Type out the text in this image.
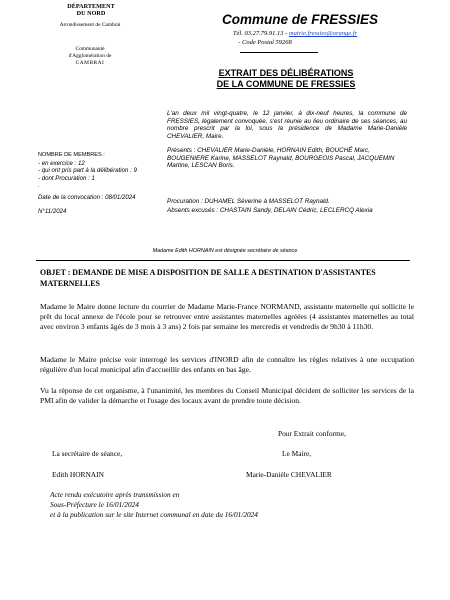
DÉPARTEMENT
DU NORD
Arrondissement de Cambrai
Communauté
d'Agglomération de
CAMBRAI
Commune de FRESSIES
Tél. 03.27.79.91.13 - mairie.fressies@orange.fr
- Code Postal 59268
EXTRAIT DES DÉLIBÉRATIONS
DE LA COMMUNE DE FRESSIES
L'an deux mil vingt-quatre, le 12 janvier, à dix-neuf heures, la commune de FRESSIES, légalement convoquée, s'est réunie au lieu ordinaire de ses séances, au nombre prescrit par la loi, sous la présidence de Madame Marie-Danièle CHEVALIER, Maire.
Présents : CHEVALIER Marie-Danièle, HORNAIN Edith, BOUCHÉ Marc, BOUGENIERE Karine, MASSELOT Raynald, BOURGEOIS Pascal, JACQUEMIN Martine, LESCAN Boris.
Procuration : DUHAMEL Séverine à MASSELOT Raynald.
Absents excusés : CHASTAIN Sandy, DELAIN Cédric, LECLERCQ Alexia
NOMBRE DE MEMBRES :
- en exercice : 12
- qui ont pris part à la délibération : 9
- dont Procuration : 1
.
Date de la convocation : 08/01/2024
N°11/2024
Madame Edith HORNAIN est désignée secrétaire de séance
OBJET : DEMANDE DE MISE A DISPOSITION DE SALLE A DESTINATION D'ASSISTANTES MATERNELLES
Madame le Maire donne lecture du courrier de Madame Marie-France NORMAND, assistante maternelle qui sollicite le prêt du local annexe de l'école pour se retrouver entre assistantes maternelles agréées (4 assistantes maternelles au total avec environ 3 enfants âgés de 3 mois à 3 ans) 2 fois par semaine les mercredis et vendredis de 9h30 à 11h30.
Madame le Maire précise voir interrogé les services d'INORD afin de connaître les règles relatives à une occupation régulière d'un local municipal afin d'accueillir des enfants en bas âge.
Vu la réponse de cet organisme, à l'unanimité, les membres du Conseil Municipal décident de solliciter les services de la PMI afin de valider la démarche et l'usage des locaux avant de prendre toute décision.
Pour Extrait conforme,
La secrétaire de séance,	Le Maire,
Edith HORNAIN	Marie-Danièle CHEVALIER
Acte rendu exécutoire après transmission en
Sous-Préfecture le 16/01/2024
et à la publication sur le site Internet communal en date du 16/01/2024
